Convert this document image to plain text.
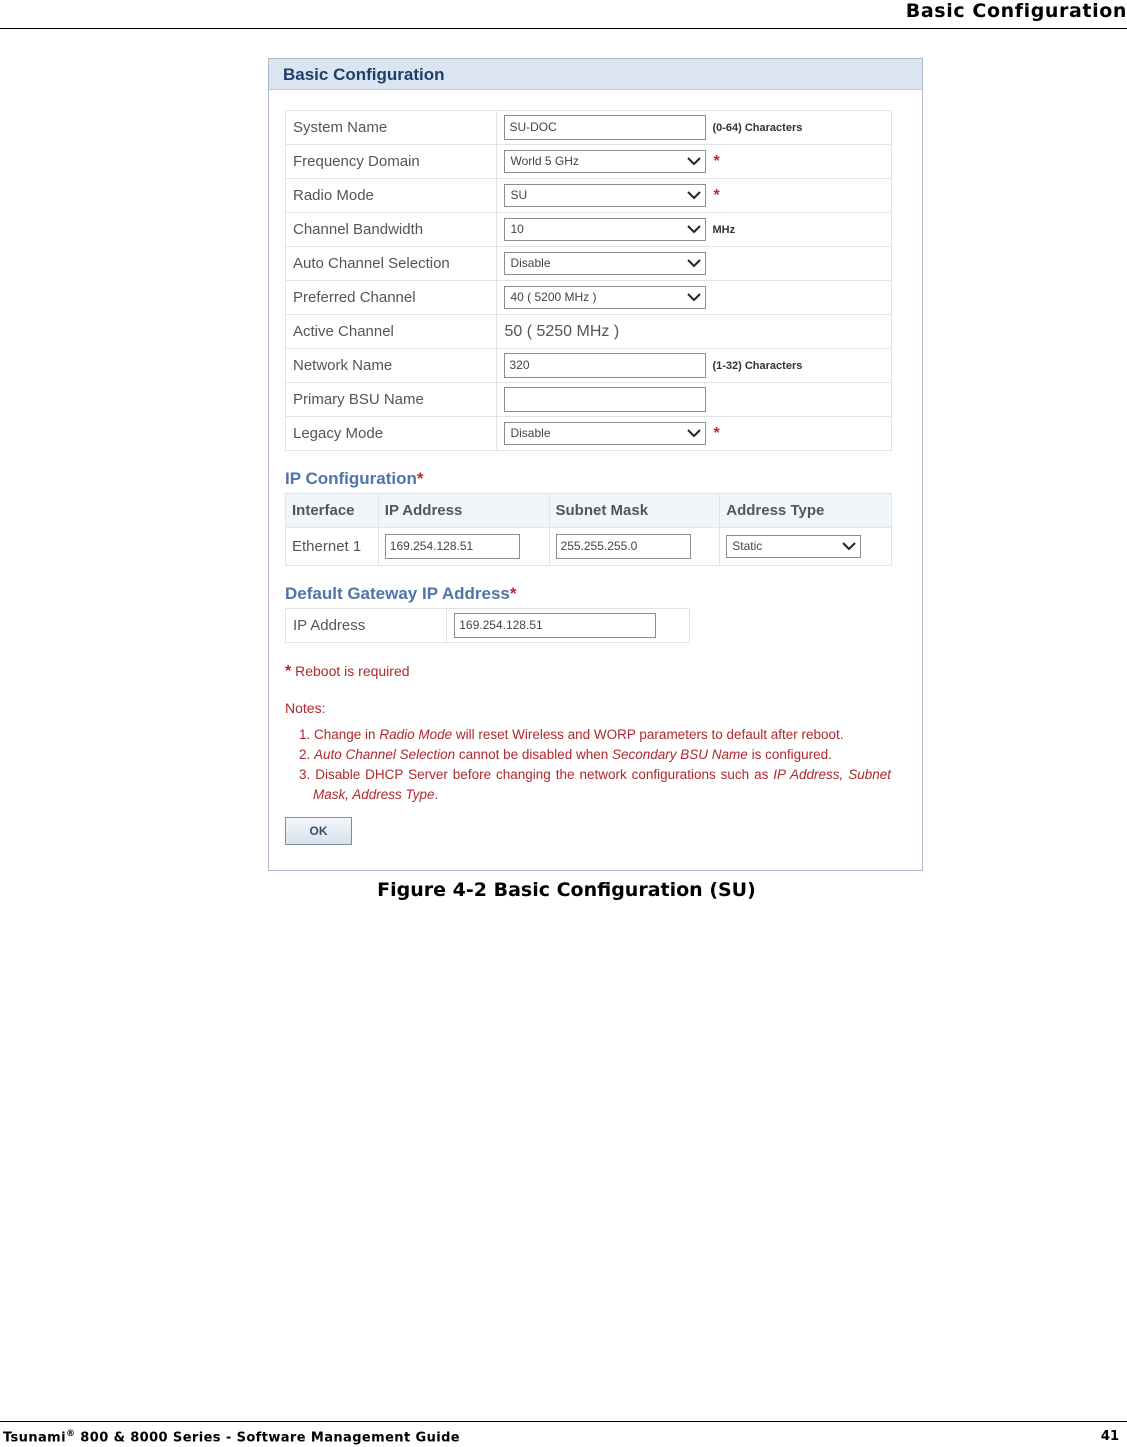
Basic Configuration
Basic Configuration
System Name	SU-DOC (0-64) Characters

Frequency Domain	World 5 GHz *

Radio Mode	SU *

Channel Bandwidth	10 MHz

Auto Channel Selection	Disable

Preferred Channel	40 ( 5200 MHz )

Active Channel	50 ( 5250 MHz )

Network Name	320 (1-32) Characters

Primary BSU Name	

Legacy Mode	Disable *
IP Configuration*
Interface	IP Address	Subnet Mask	Address Type
Ethernet 1	169.254.128.51	255.255.255.0	Static
Default Gateway IP Address*
IP Address	169.254.128.51
* Reboot is required
Notes:
1. Change in Radio Mode will reset Wireless and WORP parameters to default after reboot.
2. Auto Channel Selection cannot be disabled when Secondary BSU Name is configured.
3. Disable DHCP Server before changing the network configurations such as IP Address, Subnet Mask, Address Type.
OK
Figure 4-2 Basic Configuration (SU)
Tsunami® 800 & 8000 Series - Software Management Guide	41
